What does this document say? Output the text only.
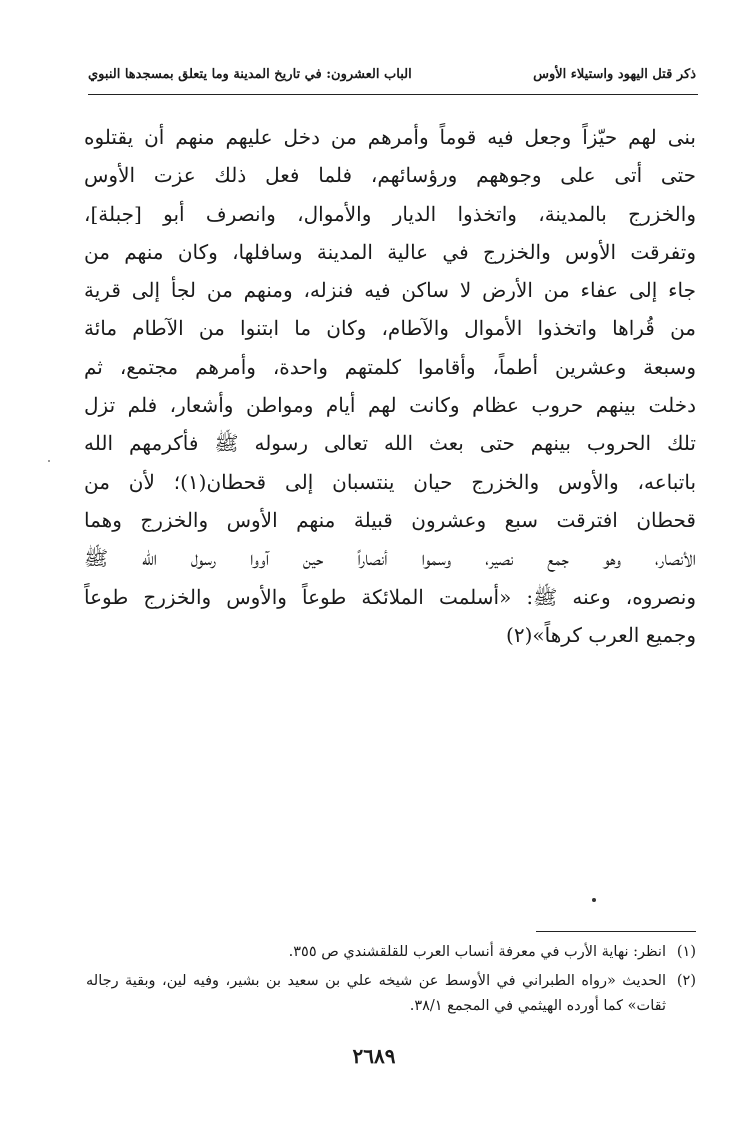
ذكر قتل اليهود واستيلاء الأوس
الباب العشرون: في تاريخ المدينة وما يتعلق بمسجدها النبوي
بنى لهم حيّزاً وجعل فيه قوماً وأمرهم من دخل عليهم منهم أن يقتلوه
حتى أتى على وجوههم ورؤسائهم، فلما فعل ذلك عزت الأوس
والخزرج بالمدينة، واتخذوا الديار والأموال، وانصرف أبو [جبلة]،
وتفرقت الأوس والخزرج في عالية المدينة وسافلها، وكان منهم من
جاء إلى عفاء من الأرض لا ساكن فيه فنزله، ومنهم من لجأ إلى قرية
من قُراها واتخذوا الأموال والآطام، وكان ما ابتنوا من الآطام مائة
وسبعة وعشرين أطماً، وأقاموا كلمتهم واحدة، وأمرهم مجتمع، ثم
دخلت بينهم حروب عظام وكانت لهم أيام ومواطن وأشعار، فلم تزل
تلك الحروب بينهم حتى بعث الله تعالى رسوله ﷺ فأكرمهم الله
باتباعه، والأوس والخزرج حيان ينتسبان إلى قحطان(١)؛ لأن من
قحطان افترقت سبع وعشرون قبيلة منهم الأوس والخزرج وهما
الأنصار، وهو جمع نصير، وسموا أنصاراً حين آووا رسول الله ﷺ
ونصروه، وعنه ﷺ: «أسلمت الملائكة طوعاً والأوس والخزرج طوعاً
وجميع العرب كرهاً»(٢)
(١)
انظر: نهاية الأرب في معرفة أنساب العرب للقلقشندي ص ٣٥٥.
(٢)
الحديث «رواه الطبراني في الأوسط عن شيخه علي بن سعيد بن بشير، وفيه لين، وبقية رجاله ثقات» كما أورده الهيثمي في المجمع ٣٨/١.
٢٦٨٩
